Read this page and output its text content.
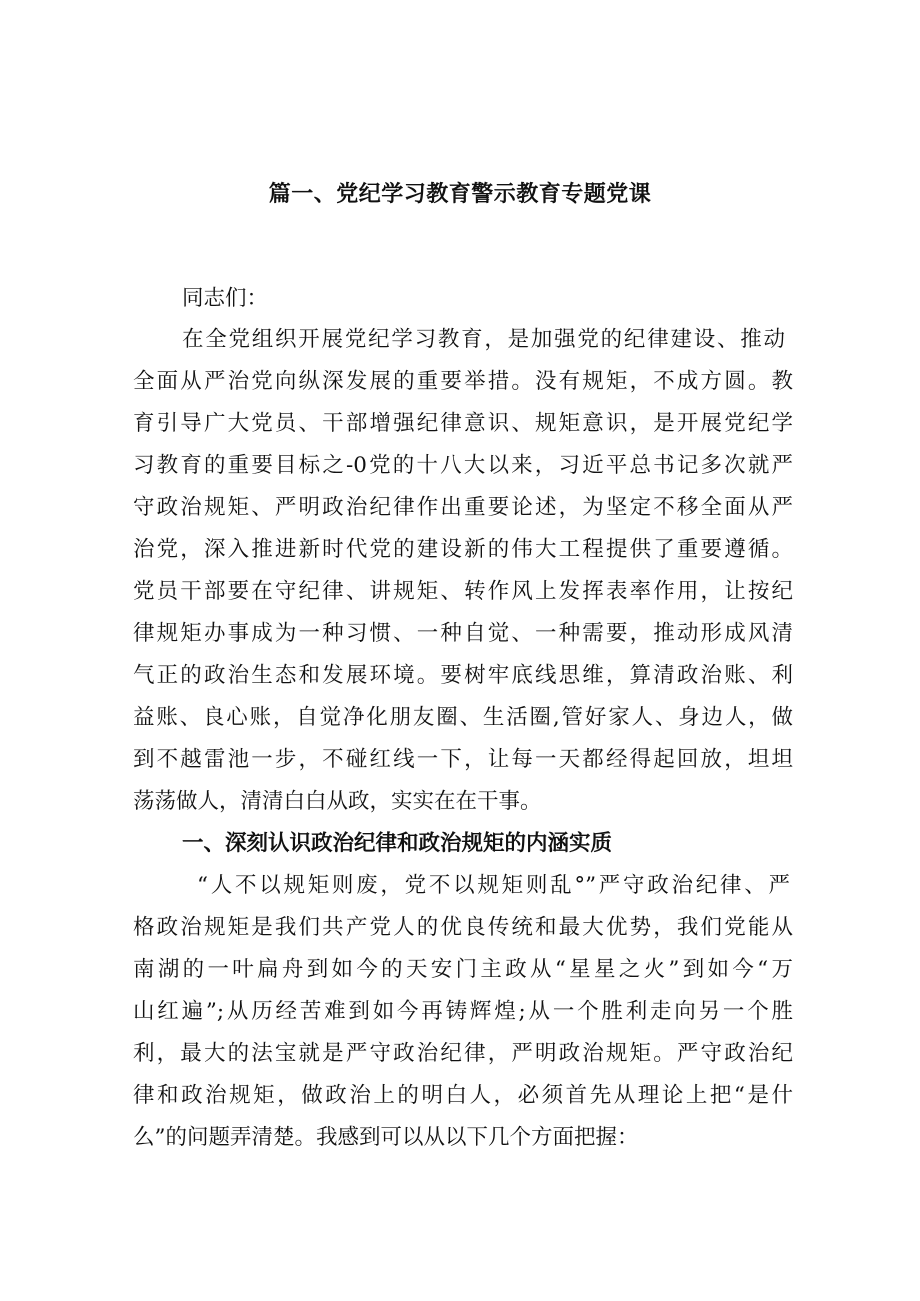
篇一、党纪学习教育警示教育专题党课
同志们：
在全党组织开展党纪学习教育，是加强党的纪律建设、推动
全面从严治党向纵深发展的重要举措。没有规矩，不成方圆。教
育引导广大党员、干部增强纪律意识、规矩意识，是开展党纪学
习教育的重要目标之-0党的十八大以来，习近平总书记多次就严
守政治规矩、严明政治纪律作出重要论述，为坚定不移全面从严
治党，深入推进新时代党的建设新的伟大工程提供了重要遵循。
党员干部要在守纪律、讲规矩、转作风上发挥表率作用，让按纪
律规矩办事成为一种习惯、一种自觉、一种需要，推动形成风清
气正的政治生态和发展环境。要树牢底线思维，算清政治账、利
益账、良心账，自觉净化朋友圈、生活圈,管好家人、身边人，做
到不越雷池一步，不碰红线一下，让每一天都经得起回放，坦坦
荡荡做人，清清白白从政，实实在在干事。
一、深刻认识政治纪律和政治规矩的内涵实质
“人不以规矩则废，党不以规矩则乱°”严守政治纪律、严
格政治规矩是我们共产党人的优良传统和最大优势，我们党能从
南湖的一叶扁舟到如今的天安门主政从“星星之火”到如今“万
山红遍”;从历经苦难到如今再铸辉煌;从一个胜利走向另一个胜
利，最大的法宝就是严守政治纪律，严明政治规矩。严守政治纪
律和政治规矩，做政治上的明白人，必须首先从理论上把“是什
么”的问题弄清楚。我感到可以从以下几个方面把握：
